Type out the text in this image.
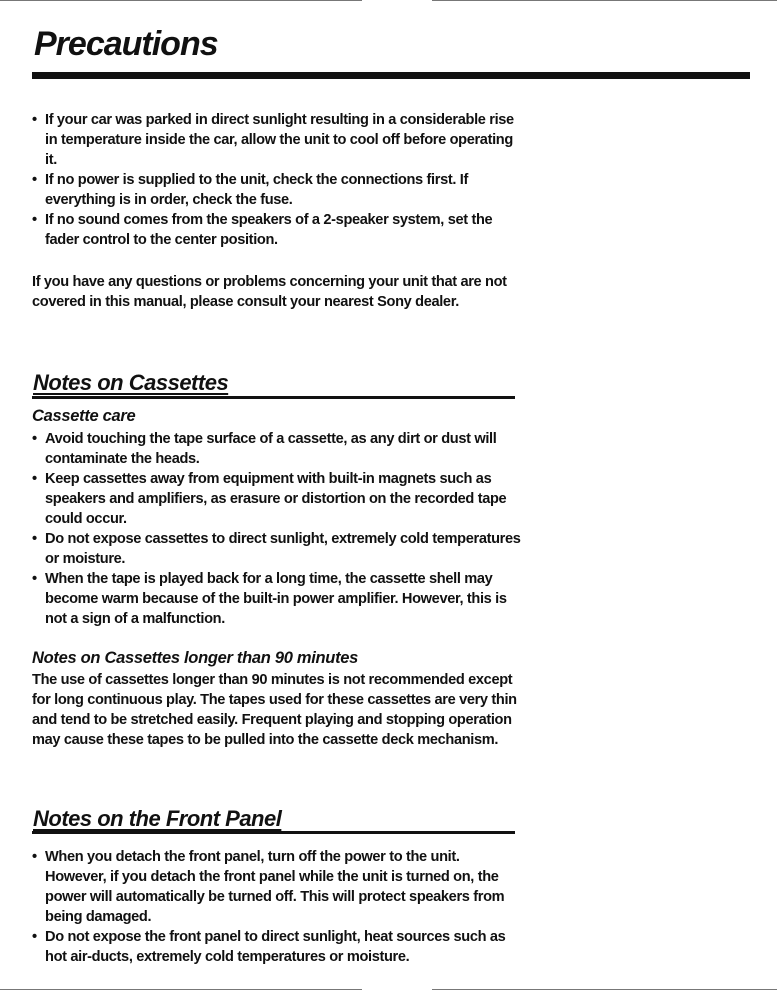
Precautions
• If your car was parked in direct sunlight resulting in a considerable rise in temperature inside the car, allow the unit to cool off before operating it.
• If no power is supplied to the unit, check the connections first. If everything is in order, check the fuse.
• If no sound comes from the speakers of a 2-speaker system, set the fader control to the center position.

If you have any questions or problems concerning your unit that are not covered in this manual, please consult your nearest Sony dealer.

Notes on Cassettes
Cassette care
• Avoid touching the tape surface of a cassette, as any dirt or dust will contaminate the heads.
• Keep cassettes away from equipment with built-in magnets such as speakers and amplifiers, as erasure or distortion on the recorded tape could occur.
• Do not expose cassettes to direct sunlight, extremely cold temperatures or moisture.
• When the tape is played back for a long time, the cassette shell may become warm because of the built-in power amplifier. However, this is not a sign of a malfunction.
Notes on Cassettes longer than 90 minutes

The use of cassettes longer than 90 minutes is not recommended except for long continuous play. The tapes used for these cassettes are very thin and tend to be stretched easily. Frequent playing and stopping operation may cause these tapes to be pulled into the cassette deck mechanism.

Notes on the Front Panel
• When you detach the front panel, turn off the power to the unit. However, if you detach the front panel while the unit is turned on, the power will automatically be turned off. This will protect speakers from being damaged.
• Do not expose the front panel to direct sunlight, heat sources such as hot air-ducts, extremely cold temperatures or moisture.
